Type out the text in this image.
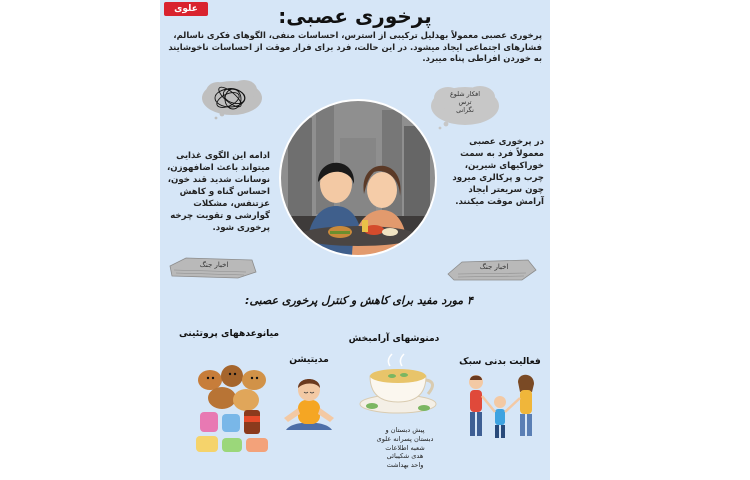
علوی	پرخوری عصبی:
پرخوری عصبی معمولاً بهدلیل ترکیبی از استرس، احساسات منفی، الگوهای فکری ناسالم، فشارهای اجتماعی ایجاد میشود. در این حالت، فرد برای فرار موقت از احساسات ناخوشایند به خوردن افراطی پناه میبرد.
افکار شلوغ
ترس
نگرانی
ادامه این الگوی غذایی میتواند باعث اضافهوزن، نوسانات شدید قند خون، احساس گناه و کاهش عزتنفس، مشکلات گوارشی و تقویت چرخه پرخوری شود.
در پرخوری عصبی معمولاً فرد به سمت خوراکیهای شیرین، چرب و پرکالری میرود چون سریعتر ایجاد آرامش موقت میکنند.
اخبار جنگ	اخبار جنگ
۴ مورد مفید برای کاهش و کنترل پرخوری عصبی:
میانوعدههای پروتئینی	دمنوشهای آرامبخش
مدیتیشن	فعالیت بدنی سبک
پیش دبستان و
دبستان پسرانه علوی
شعبه اطلاعات
هدی شکیبائی
واحد بهداشت
